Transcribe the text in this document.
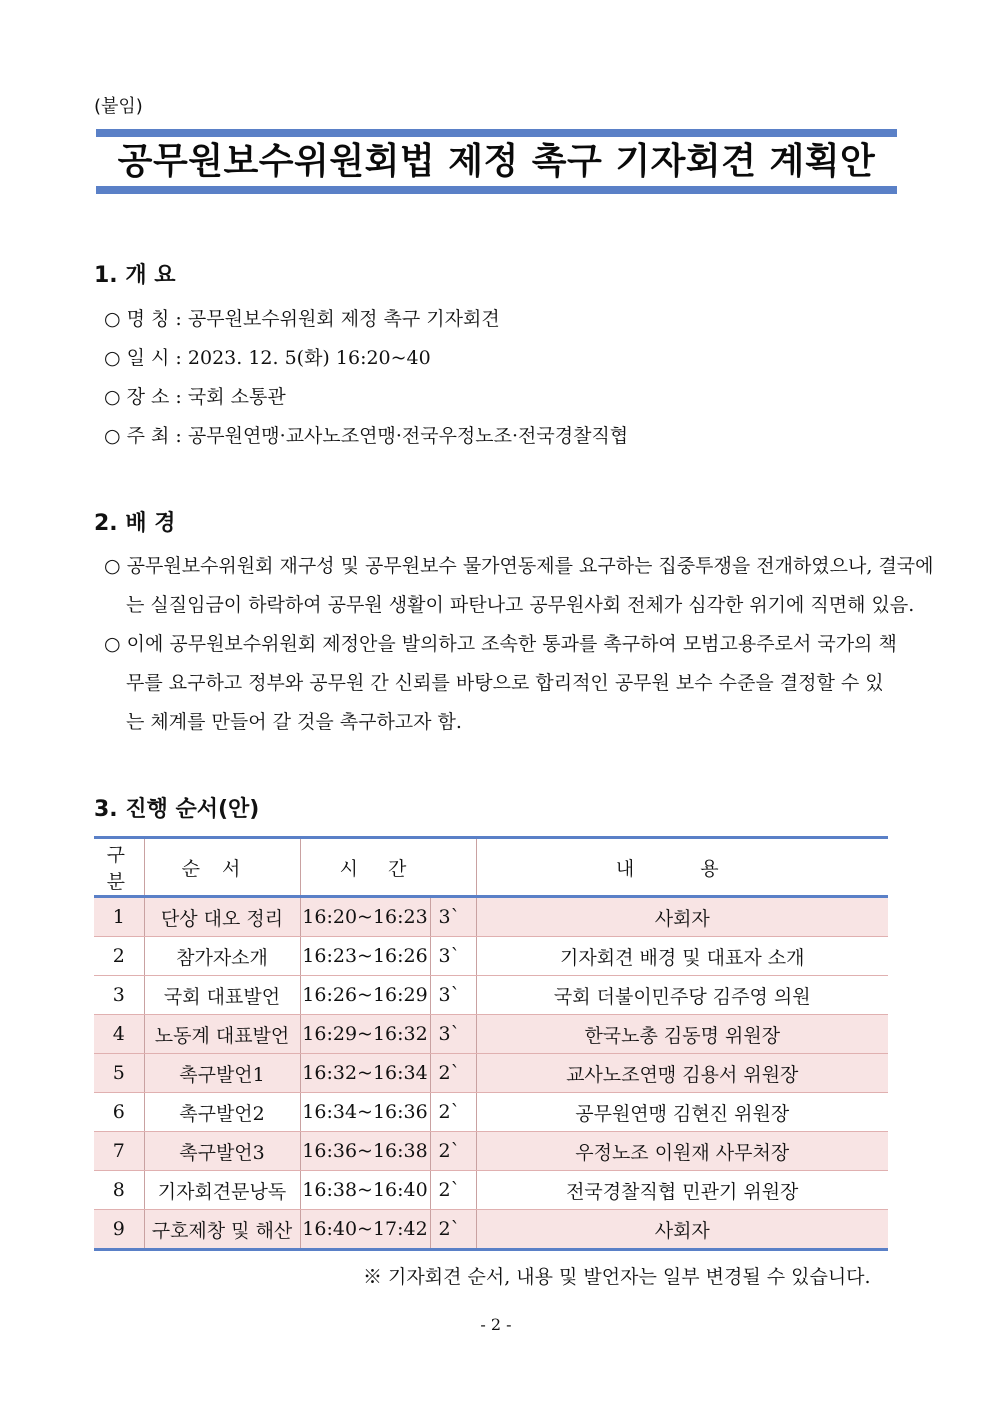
(붙임)
공무원보수위원회법 제정 촉구 기자회견 계획안
1. 개 요
○ 명 칭 : 공무원보수위원회 제정 촉구 기자회견
○ 일 시 : 2023. 12. 5(화) 16:20~40
○ 장 소 : 국회 소통관
○ 주 최 : 공무원연맹·교사노조연맹·전국우정노조·전국경찰직협
2. 배 경
○ 공무원보수위원회 재구성 및 공무원보수 물가연동제를 요구하는 집중투쟁을 전개하였으나, 결국에
는 실질임금이 하락하여 공무원 생활이 파탄나고 공무원사회 전체가 심각한 위기에 직면해 있음.
○ 이에 공무원보수위원회 제정안을 발의하고 조속한 통과를 촉구하여 모범고용주로서 국가의 책
무를 요구하고 정부와 공무원 간 신뢰를 바탕으로 합리적인 공무원 보수 수준을 결정할 수 있
는 체계를 만들어 갈 것을 촉구하고자 함.
3. 진행 순서(안)
구분	순서	시간		내 용
1	단상 대오 정리	16:20~16:23	3`	사회자
2	참가자소개	16:23~16:26	3`	기자회견 배경 및 대표자 소개
3	국회 대표발언	16:26~16:29	3`	국회 더불이민주당 김주영 의원
4	노동계 대표발언	16:29~16:32	3`	한국노총 김동명 위원장
5	촉구발언1	16:32~16:34	2`	교사노조연맹 김용서 위원장
6	촉구발언2	16:34~16:36	2`	공무원연맹 김현진 위원장
7	촉구발언3	16:36~16:38	2`	우정노조 이원재 사무처장
8	기자회견문낭독	16:38~16:40	2`	전국경찰직협 민관기 위원장
9	구호제창 및 해산	16:40~17:42	2`	사회자
※ 기자회견 순서, 내용 및 발언자는 일부 변경될 수 있습니다.
- 2 -
